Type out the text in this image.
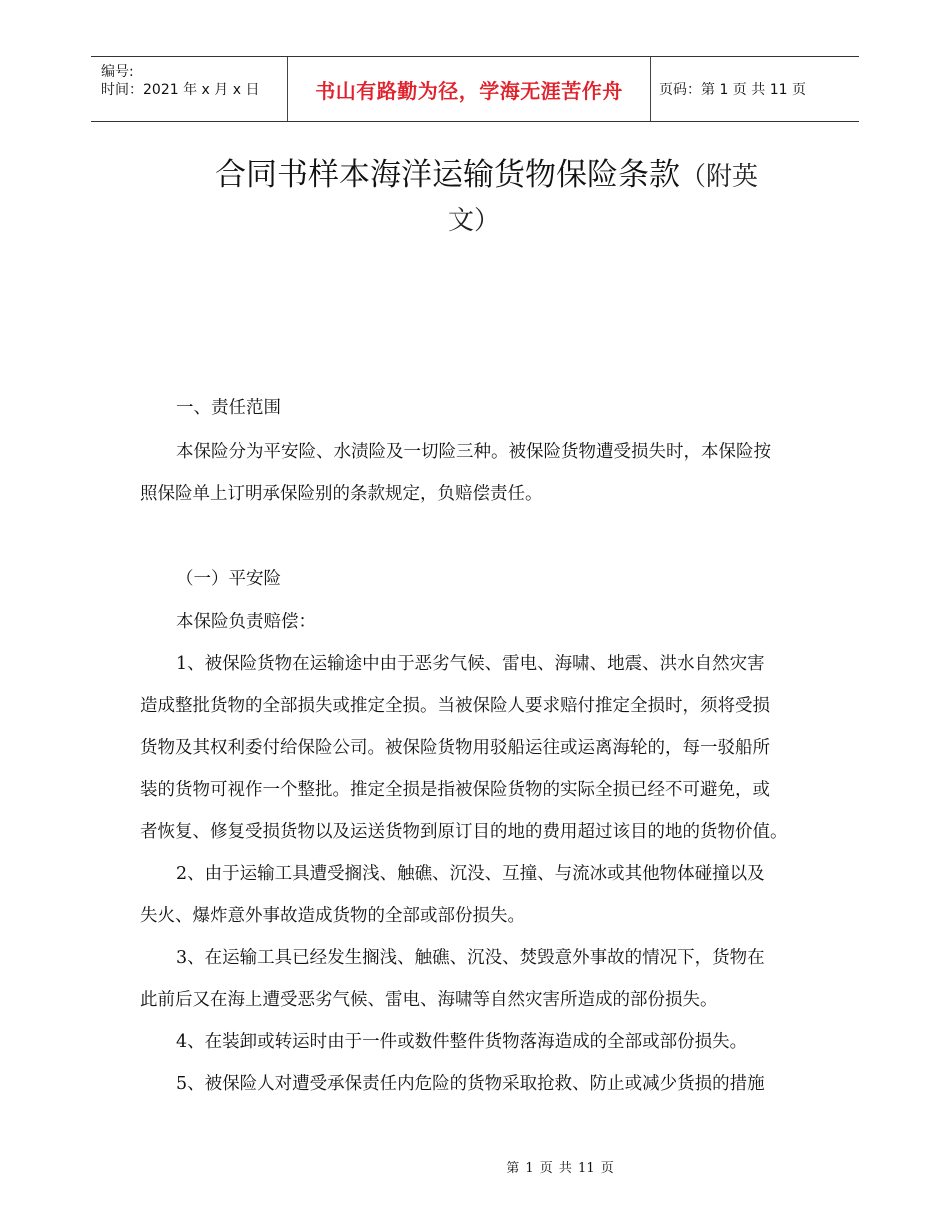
编号:
时间：2021 年 x 月 x 日	书山有路勤为径，学海无涯苦作舟	页码：第 1 页 共 11 页
合同书样本海洋运输货物保险条款（附英
文）
一、责任范围
本保险分为平安险、水渍险及一切险三种。被保险货物遭受损失时，本保险按
照保险单上订明承保险别的条款规定，负赔偿责任。
（一）平安险
本保险负责赔偿：
1、被保险货物在运输途中由于恶劣气候、雷电、海啸、地震、洪水自然灾害
造成整批货物的全部损失或推定全损。当被保险人要求赔付推定全损时，须将受损
货物及其权利委付给保险公司。被保险货物用驳船运往或运离海轮的，每一驳船所
装的货物可视作一个整批。推定全损是指被保险货物的实际全损已经不可避免，或
者恢复、修复受损货物以及运送货物到原订目的地的费用超过该目的地的货物价值。
2、由于运输工具遭受搁浅、触礁、沉没、互撞、与流冰或其他物体碰撞以及
失火、爆炸意外事故造成货物的全部或部份损失。
3、在运输工具已经发生搁浅、触礁、沉没、焚毁意外事故的情况下，货物在
此前后又在海上遭受恶劣气候、雷电、海啸等自然灾害所造成的部份损失。
4、在装卸或转运时由于一件或数件整件货物落海造成的全部或部份损失。
5、被保险人对遭受承保责任内危险的货物采取抢救、防止或减少货损的措施
第 1 页 共 11 页
